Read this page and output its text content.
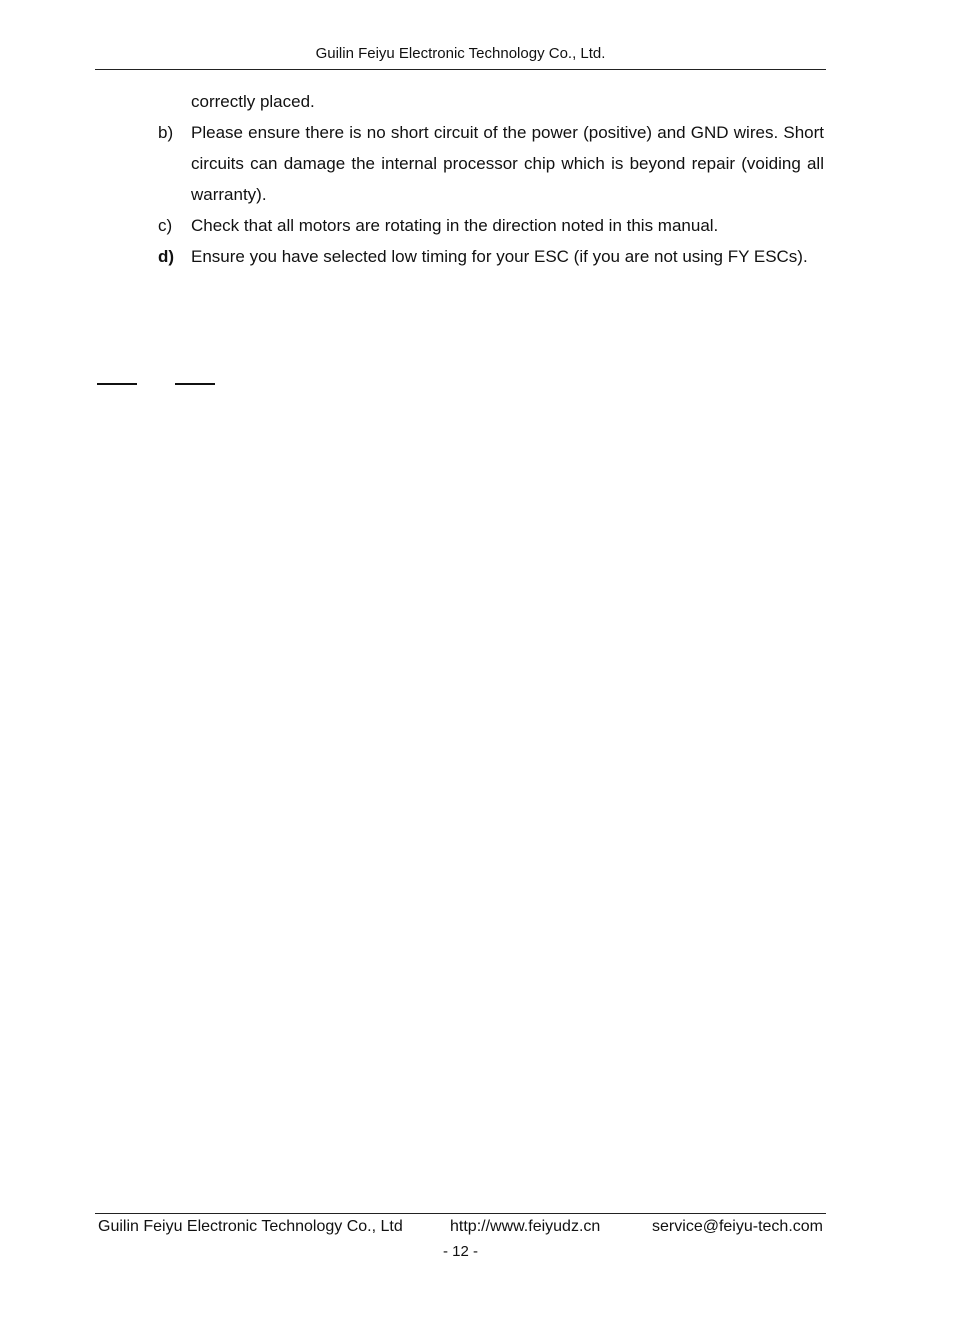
Guilin Feiyu Electronic Technology Co., Ltd.
correctly placed.
b)	Please ensure there is no short circuit of the power (positive) and GND wires. Short circuits can damage the internal processor chip which is beyond repair (voiding all warranty).
c)	Check that all motors are rotating in the direction noted in this manual.
d) Ensure you have selected low timing for your ESC (if you are not using FY ESCs).
Guilin Feiyu Electronic Technology Co., Ltd	http://www.feiyudz.cn	service@feiyu-tech.com
- 12 -
